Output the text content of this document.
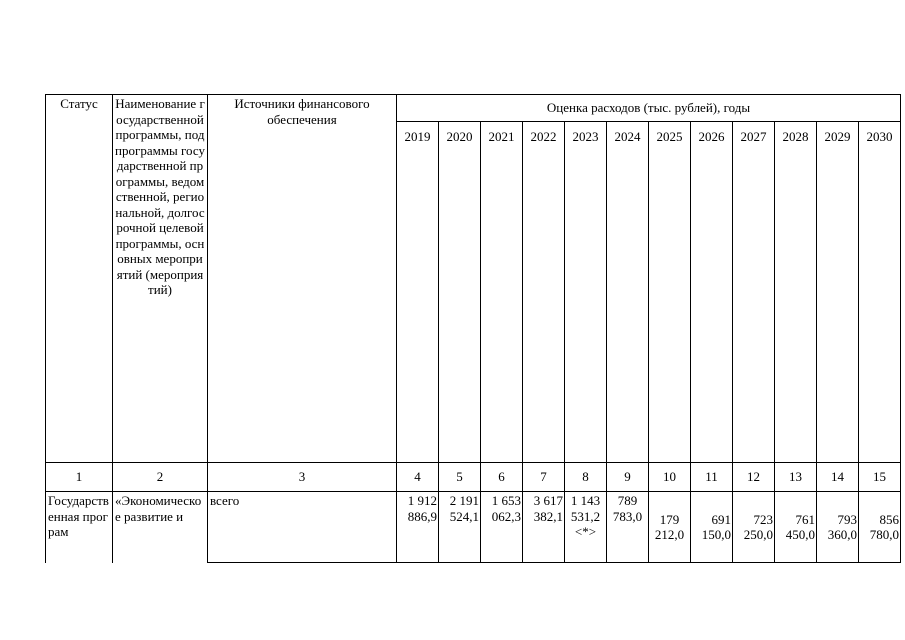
Статус	Наименование государственной программы, подпрограммы государственной программы, ведомственной, региональной, долгосрочной целевой программы, основных мероприятий (мероприятий)	Источники финансового обеспечения	Оценка расходов (тыс. рублей), годы											
			2019	2020	2021	2022	2023	2024	2025	2026	2027	2028	2029	2030
1	2	3	4	5	6	7	8	9	10	11	12	13	14	15

Государственная програм	«Экономическое развитие и	всего	1 912 886,9	2 191 524,1	1 653 062,3	3 617 382,1	1 143 531,2 <*>	789 783,0	179 212,0	691 150,0	723 250,0	761 450,0	793 360,0	856 780,0
